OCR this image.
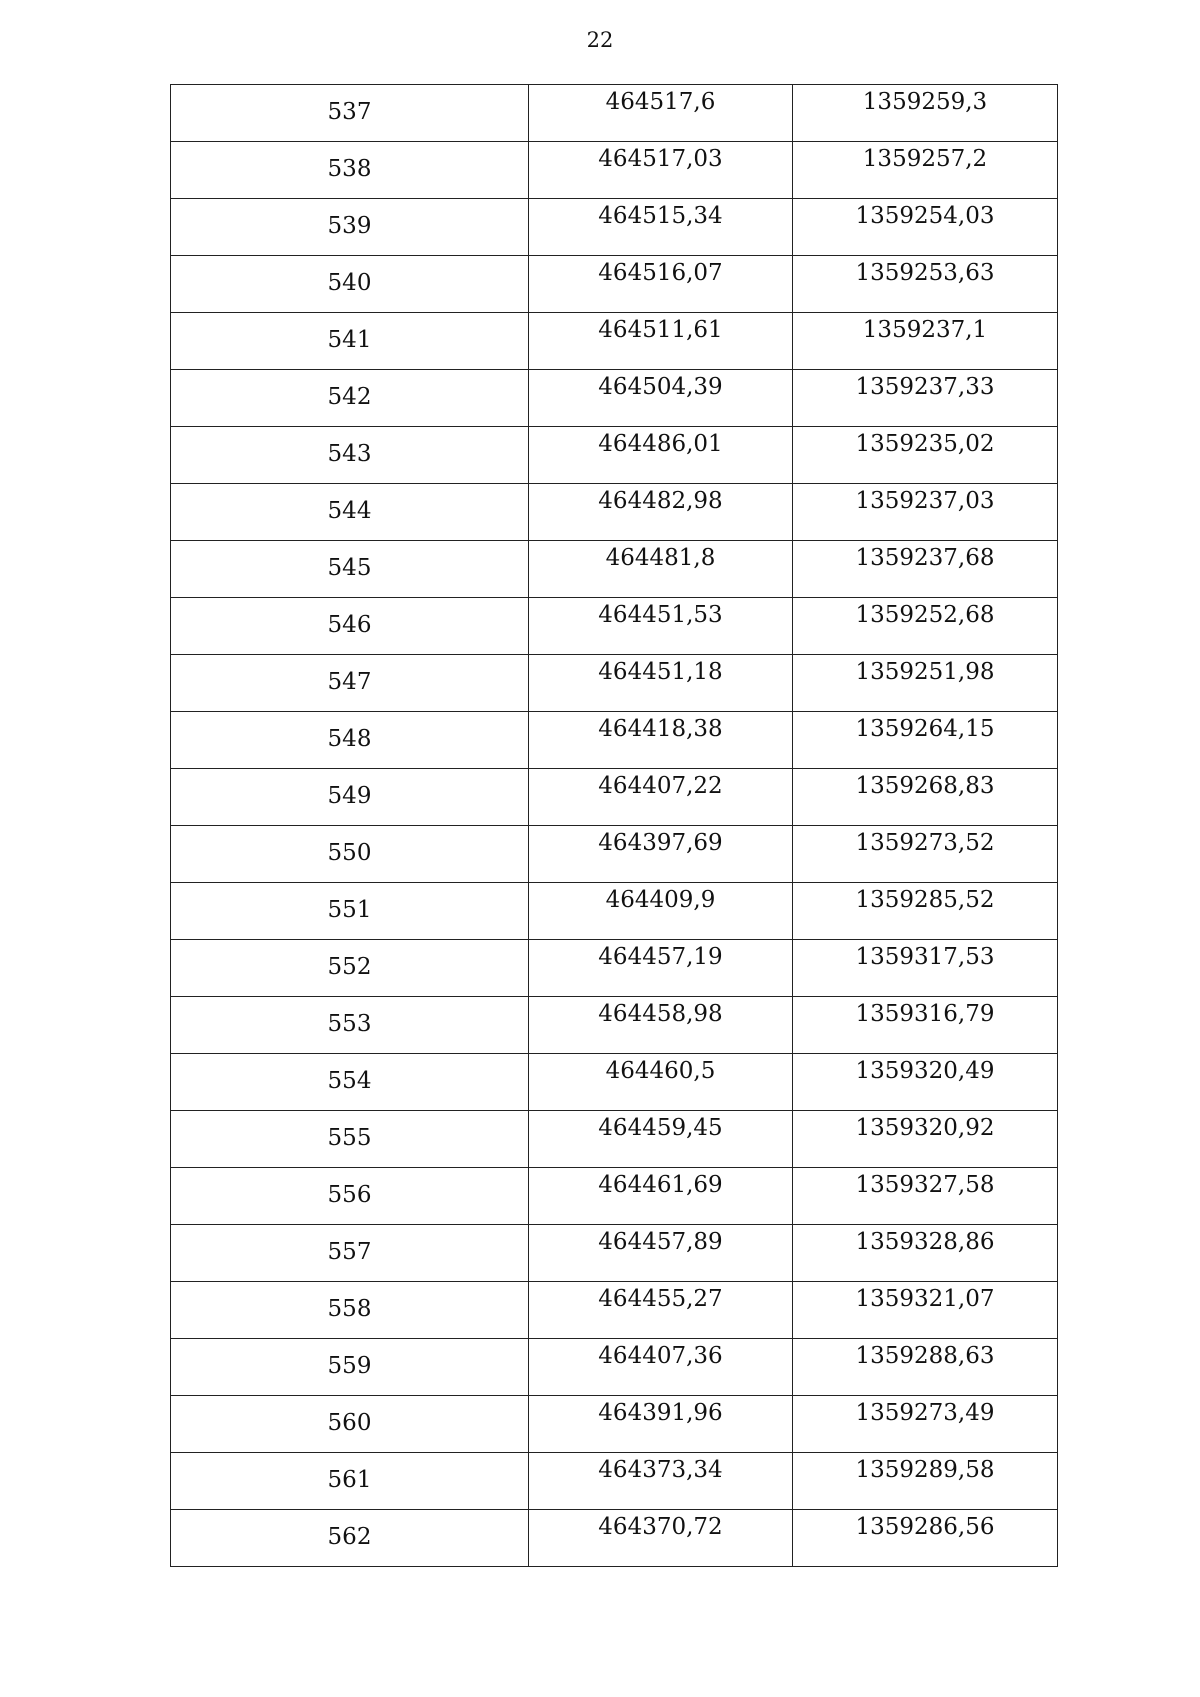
22
537	464517,6	1359259,3

538	464517,03	1359257,2

539	464515,34	1359254,03

540	464516,07	1359253,63

541	464511,61	1359237,1

542	464504,39	1359237,33

543	464486,01	1359235,02

544	464482,98	1359237,03

545	464481,8	1359237,68

546	464451,53	1359252,68

547	464451,18	1359251,98

548	464418,38	1359264,15

549	464407,22	1359268,83

550	464397,69	1359273,52

551	464409,9	1359285,52

552	464457,19	1359317,53

553	464458,98	1359316,79

554	464460,5	1359320,49

555	464459,45	1359320,92

556	464461,69	1359327,58

557	464457,89	1359328,86

558	464455,27	1359321,07

559	464407,36	1359288,63

560	464391,96	1359273,49

561	464373,34	1359289,58

562	464370,72	1359286,56
